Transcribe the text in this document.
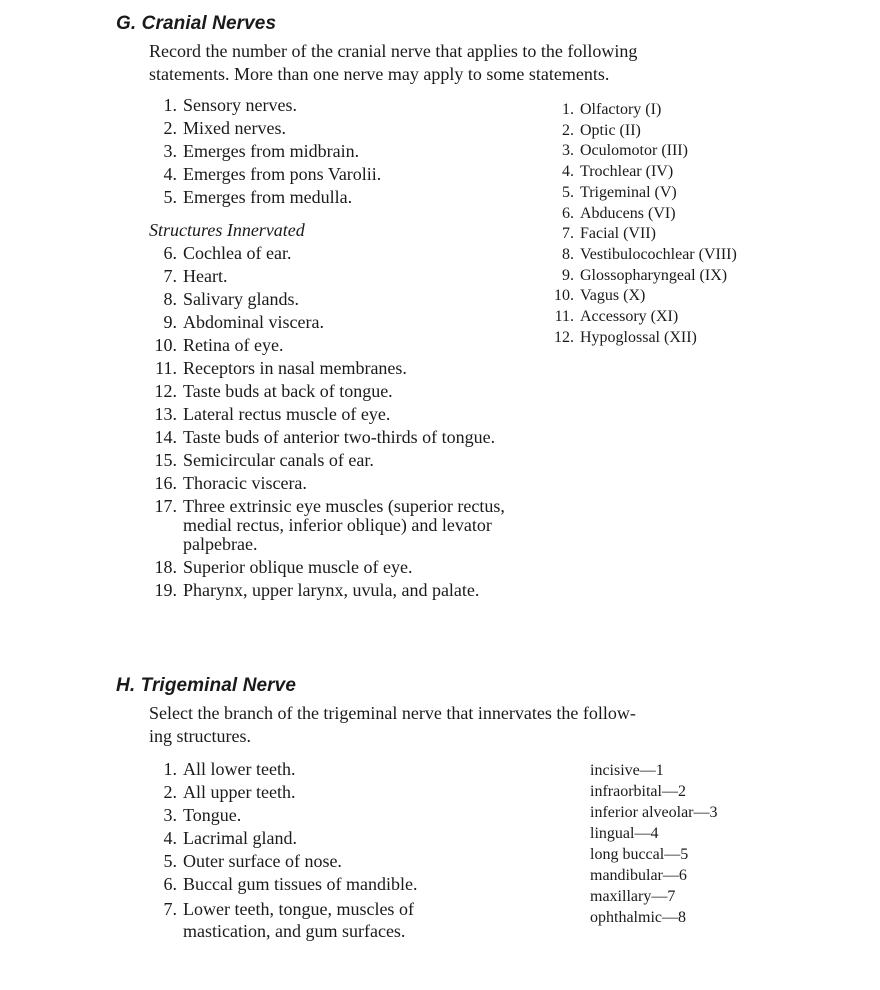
G. Cranial Nerves
Record the number of the cranial nerve that applies to the following
statements. More than one nerve may apply to some statements.
1. Sensory nerves.
2. Mixed nerves.
3. Emerges from midbrain.
4. Emerges from pons Varolii.
5. Emerges from medulla.
Structures Innervated
6. Cochlea of ear.
7. Heart.
8. Salivary glands.
9. Abdominal viscera.
10. Retina of eye.
11. Receptors in nasal membranes.
12. Taste buds at back of tongue.
13. Lateral rectus muscle of eye.
14. Taste buds of anterior two-thirds of tongue.
15. Semicircular canals of ear.
16. Thoracic viscera.
17. Three extrinsic eye muscles (superior rectus,
medial rectus, inferior oblique) and levator
palpebrae.
18. Superior oblique muscle of eye.
19. Pharynx, upper larynx, uvula, and palate.
1. Olfactory (I)
2. Optic (II)
3. Oculomotor (III)
4. Trochlear (IV)
5. Trigeminal (V)
6. Abducens (VI)
7. Facial (VII)
8. Vestibulocochlear (VIII)
9. Glossopharyngeal (IX)
10. Vagus (X)
11. Accessory (XI)
12. Hypoglossal (XII)
H. Trigeminal Nerve
Select the branch of the trigeminal nerve that innervates the follow-
ing structures.
1. All lower teeth.
2. All upper teeth.
3. Tongue.
4. Lacrimal gland.
5. Outer surface of nose.
6. Buccal gum tissues of mandible.
7. Lower teeth, tongue, muscles of
mastication, and gum surfaces.
incisive—1
infraorbital—2
inferior alveolar—3
lingual—4
long buccal—5
mandibular—6
maxillary—7
ophthalmic—8
